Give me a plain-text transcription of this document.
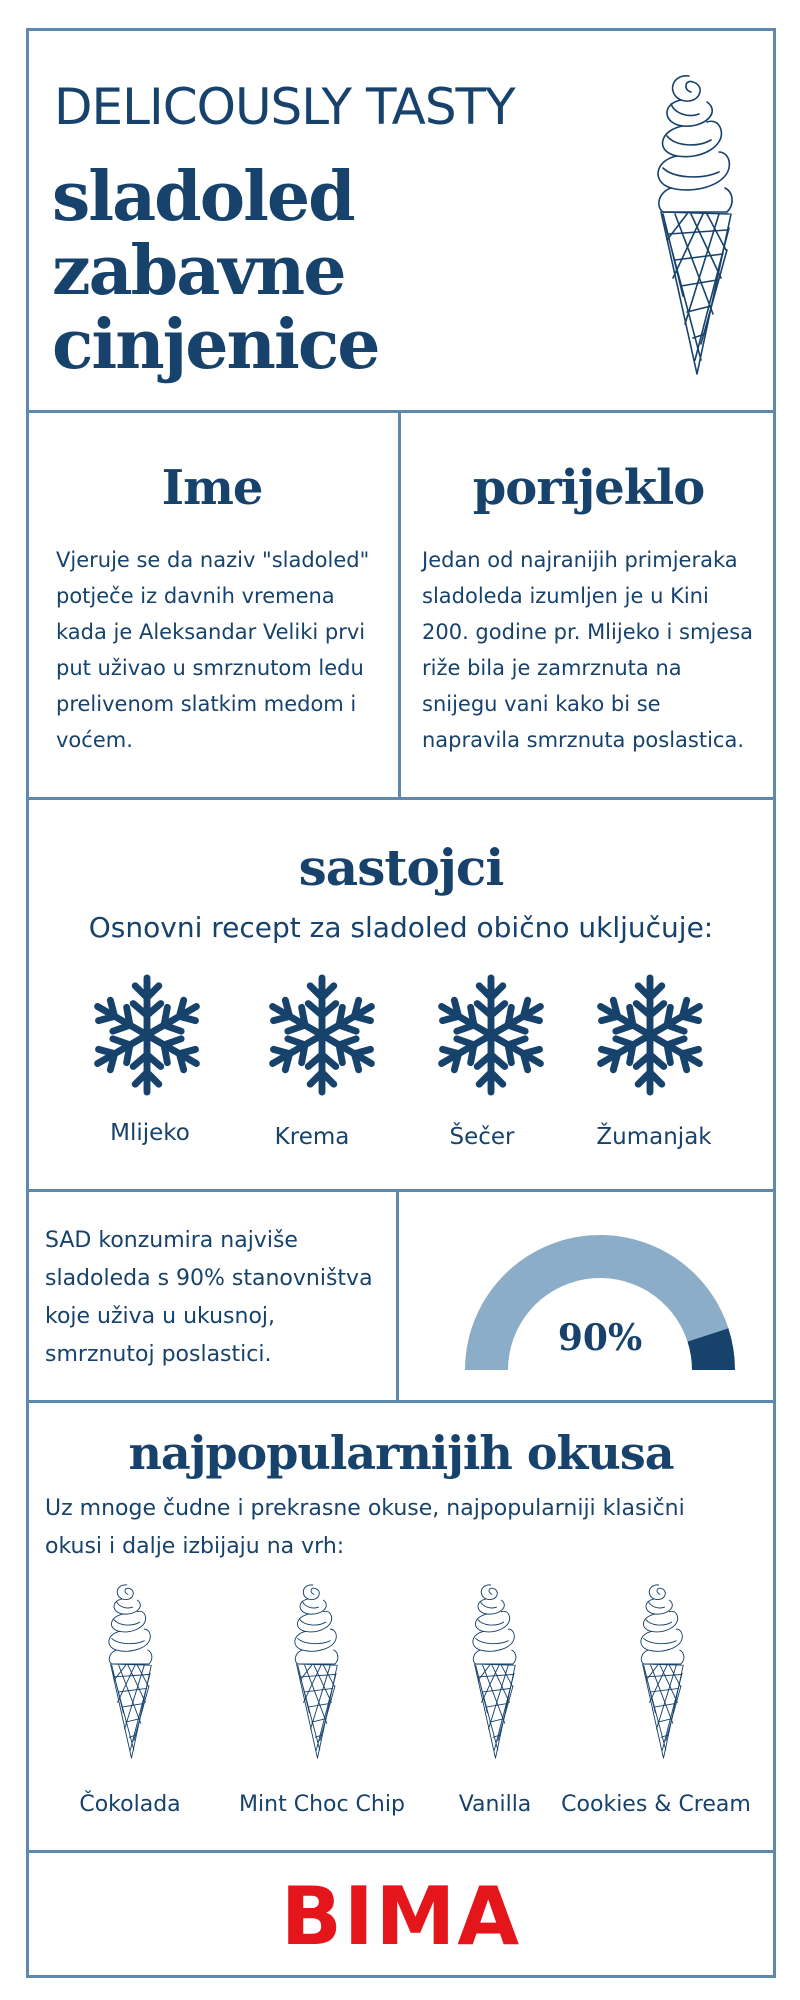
DELICOUSLY TASTY
sladoled
zabavne
cinjenice
Ime

Vjeruje se da naziv "sladoled" potječe iz davnih vremena kada je Aleksandar Veliki prvi put uživao u smrznutom ledu prelivenom slatkim medom i voćem.

porijeklo

Jedan od najranijih primjeraka sladoleda izumljen je u Kini 200. godine pr. Mlijeko i smjesa riže bila je zamrznuta na snijegu vani kako bi se napravila smrznuta poslastica.

sastojci
Osnovni recept za sladoled obično uključuje:
Mlijeko	Krema	Šečer	Žumanjak

SAD konzumira najviše sladoleda s 90% stanovništva koje uživa u ukusnoj, smrznutoj poslastici.	90%
najpopularnijih okusa

Uz mnoge čudne i prekrasne okuse, najpopularniji klasični okusi i dalje izbijaju na vrh:

Čokolada	Mint Choc Chip	Vanilla	Cookies & Cream
BIMA
